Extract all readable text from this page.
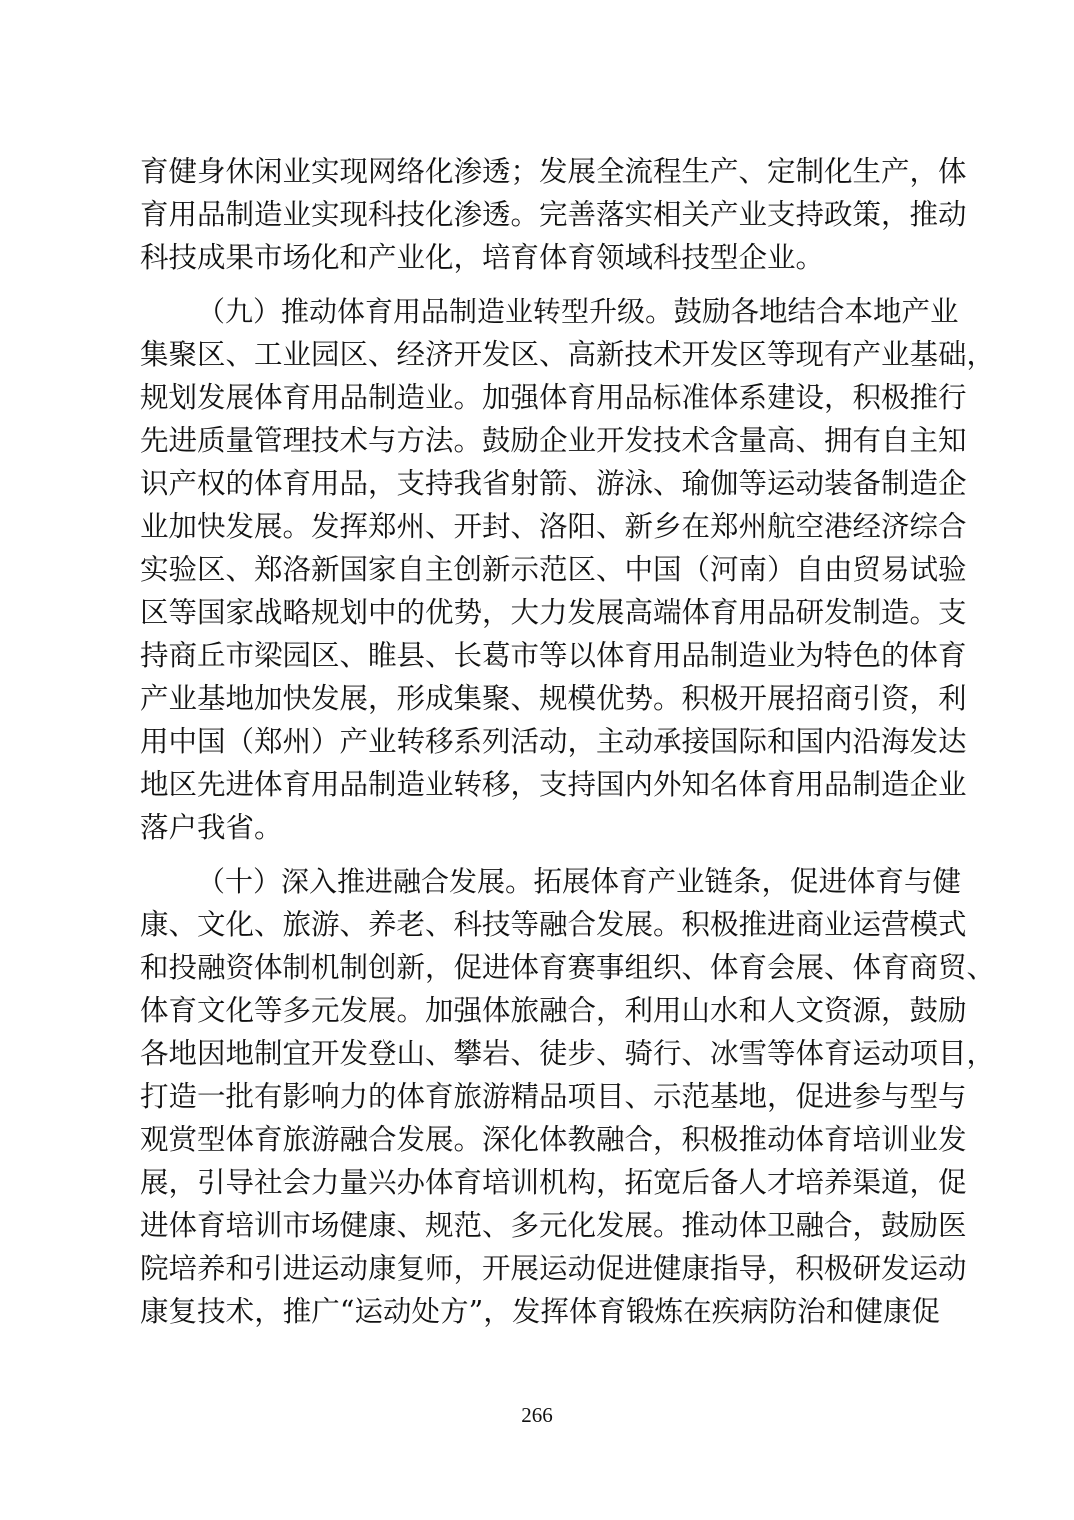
育健身休闲业实现网络化渗透；发展全流程生产、定制化生产，体
育用品制造业实现科技化渗透。完善落实相关产业支持政策，推动
科技成果市场化和产业化，培育体育领域科技型企业。
（九）推动体育用品制造业转型升级。鼓励各地结合本地产业
集聚区、工业园区、经济开发区、高新技术开发区等现有产业基础，
规划发展体育用品制造业。加强体育用品标准体系建设，积极推行
先进质量管理技术与方法。鼓励企业开发技术含量高、拥有自主知
识产权的体育用品，支持我省射箭、游泳、瑜伽等运动装备制造企
业加快发展。发挥郑州、开封、洛阳、新乡在郑州航空港经济综合
实验区、郑洛新国家自主创新示范区、中国（河南）自由贸易试验
区等国家战略规划中的优势，大力发展高端体育用品研发制造。支
持商丘市梁园区、睢县、长葛市等以体育用品制造业为特色的体育
产业基地加快发展，形成集聚、规模优势。积极开展招商引资，利
用中国（郑州）产业转移系列活动，主动承接国际和国内沿海发达
地区先进体育用品制造业转移，支持国内外知名体育用品制造企业
落户我省。
（十）深入推进融合发展。拓展体育产业链条，促进体育与健
康、文化、旅游、养老、科技等融合发展。积极推进商业运营模式
和投融资体制机制创新，促进体育赛事组织、体育会展、体育商贸、
体育文化等多元发展。加强体旅融合，利用山水和人文资源，鼓励
各地因地制宜开发登山、攀岩、徒步、骑行、冰雪等体育运动项目，
打造一批有影响力的体育旅游精品项目、示范基地，促进参与型与
观赏型体育旅游融合发展。深化体教融合，积极推动体育培训业发
展，引导社会力量兴办体育培训机构，拓宽后备人才培养渠道，促
进体育培训市场健康、规范、多元化发展。推动体卫融合，鼓励医
院培养和引进运动康复师，开展运动促进健康指导，积极研发运动
康复技术，推广“运动处方”，发挥体育锻炼在疾病防治和健康促
266
